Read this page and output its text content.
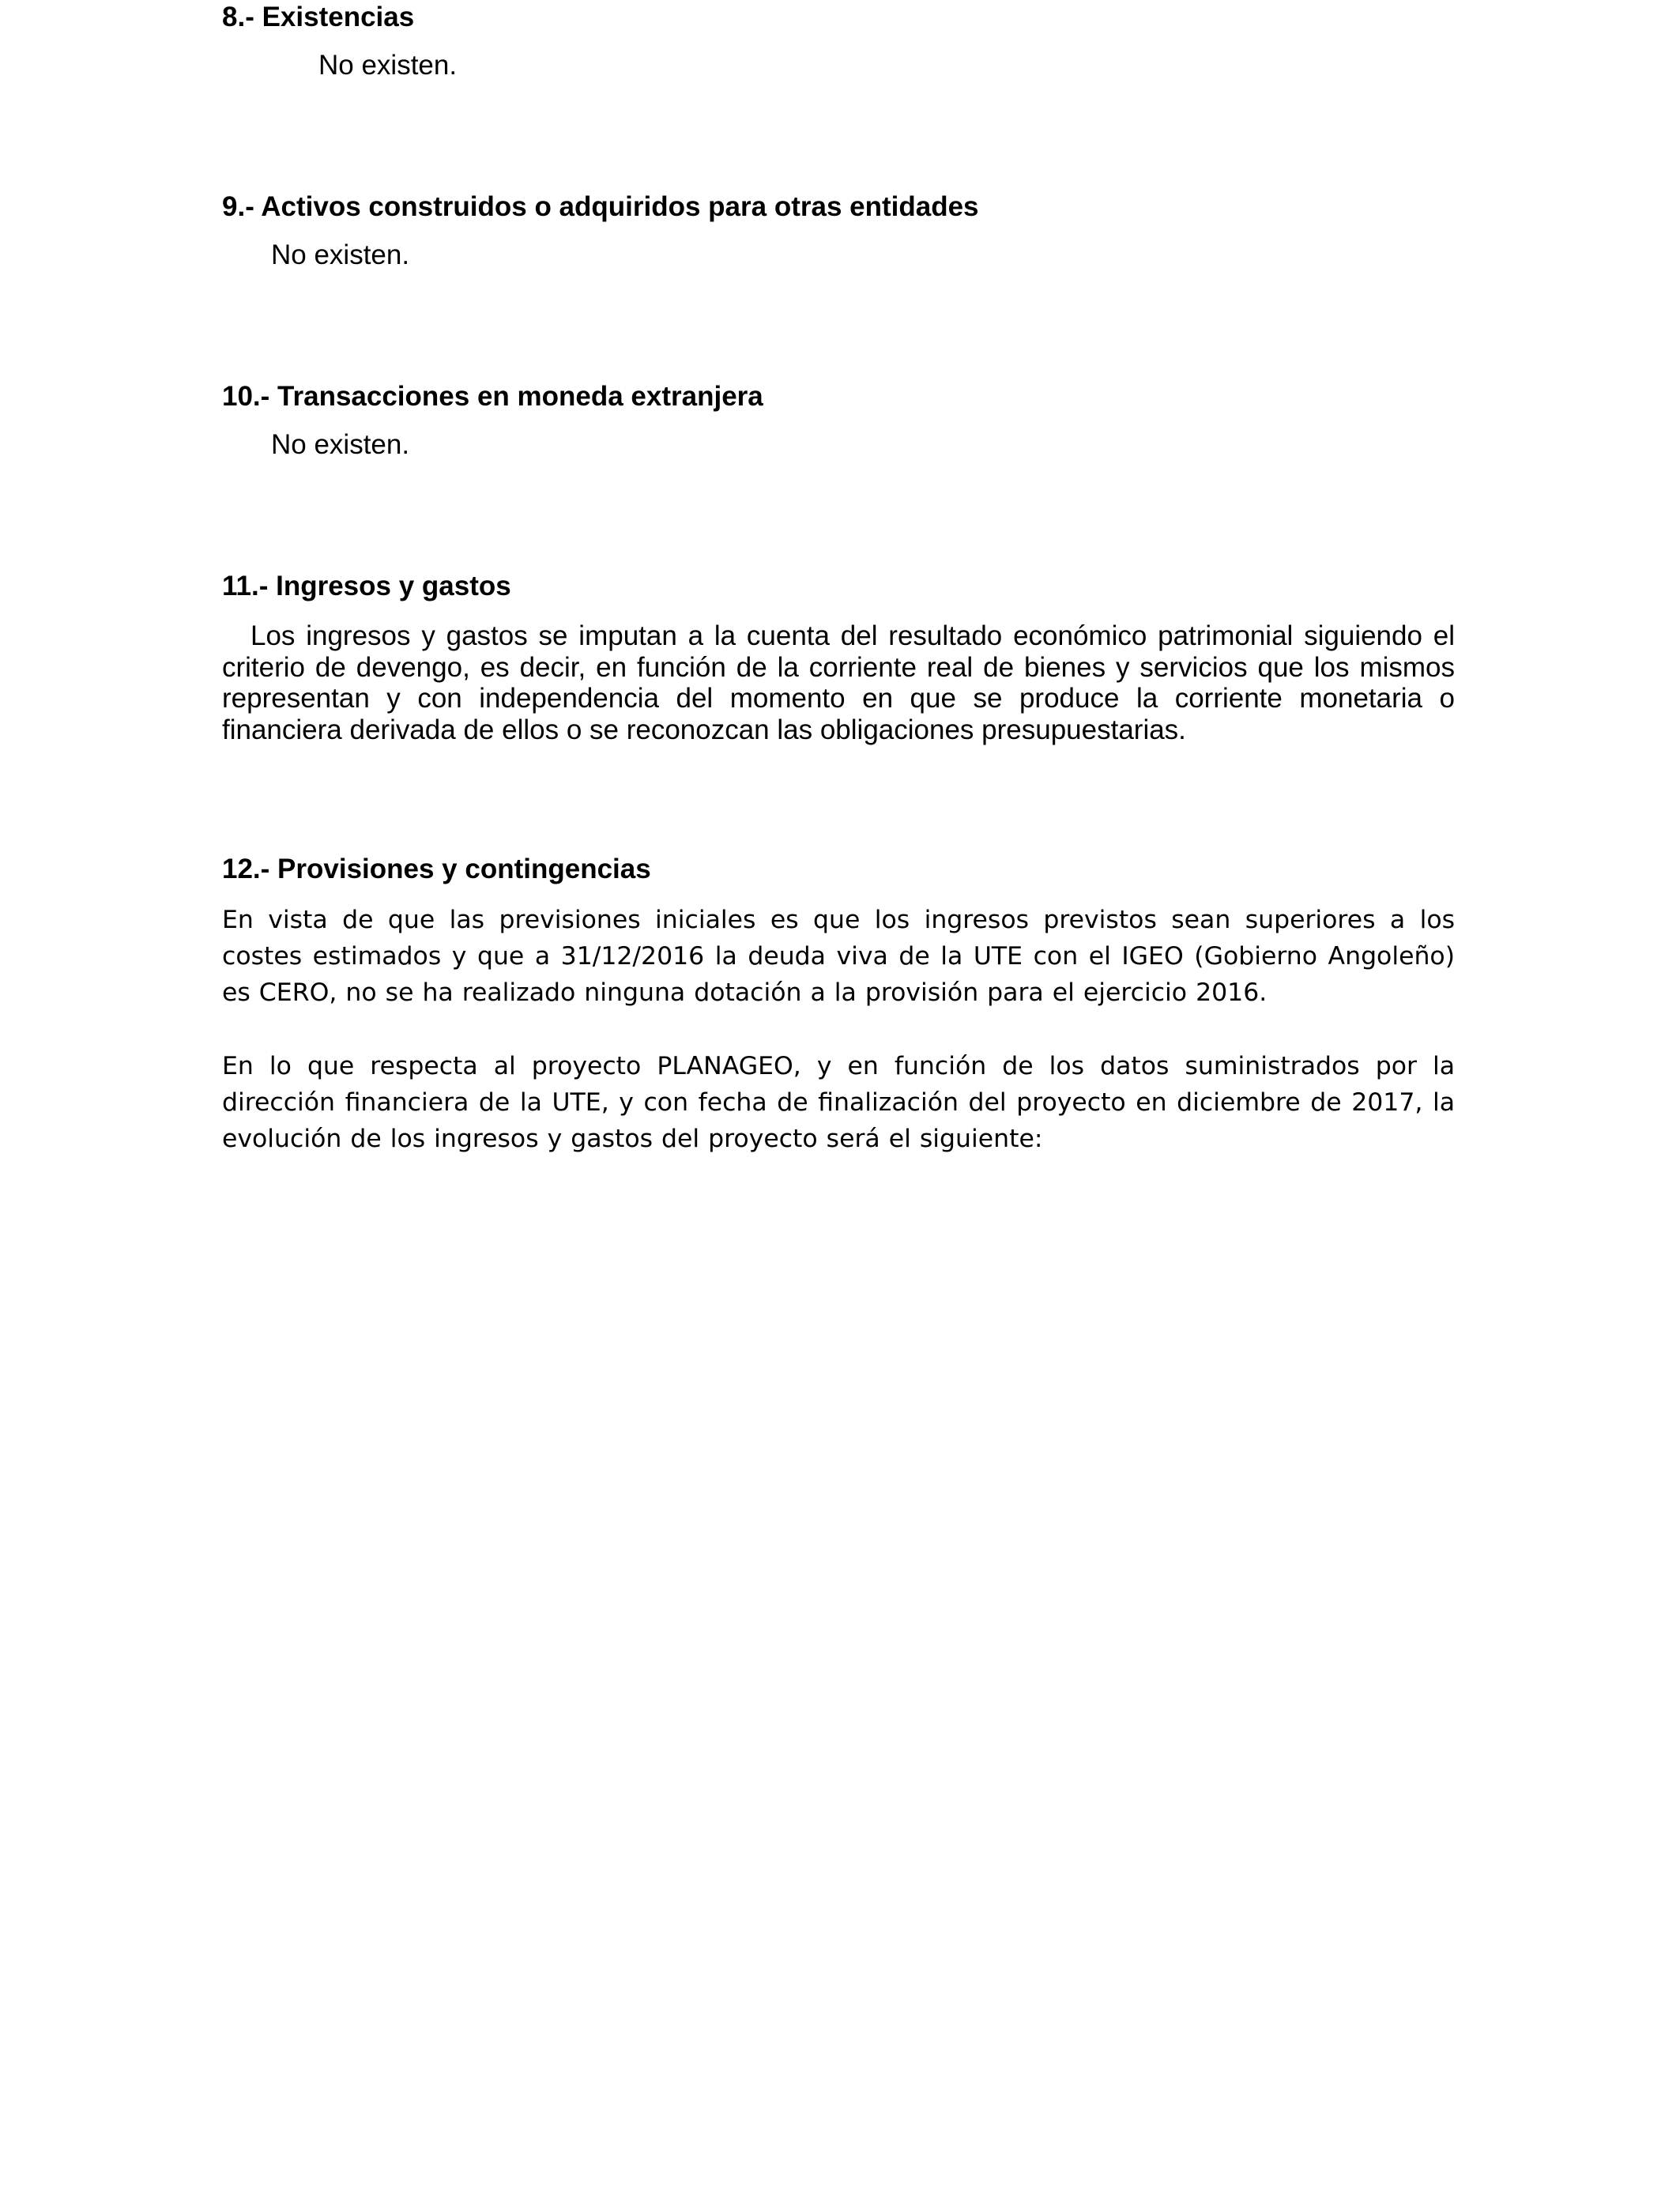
8.- Existencias

No existen.

9.- Activos construidos o adquiridos para otras entidades

No existen.

10.- Transacciones en moneda extranjera

No existen.

11.- Ingresos y gastos

Los ingresos y gastos se imputan a la cuenta del resultado económico patrimonial siguiendo el criterio de devengo, es decir, en función de la corriente real de bienes y servicios que los mismos representan y con independencia del momento en que se produce la corriente monetaria o financiera derivada de ellos o se reconozcan las obligaciones presupuestarias.

12.- Provisiones y contingencias

En vista de que las previsiones iniciales es que los ingresos previstos sean superiores a los costes estimados y que a 31/12/2016 la deuda viva de la UTE con el IGEO (Gobierno Angoleño) es CERO, no se ha realizado ninguna dotación a la provisión para el ejercicio 2016.

En lo que respecta al proyecto PLANAGEO, y en función de los datos suministrados por la dirección financiera de la UTE, y con fecha de finalización del proyecto en diciembre de 2017, la evolución de los ingresos y gastos del proyecto será el siguiente:
